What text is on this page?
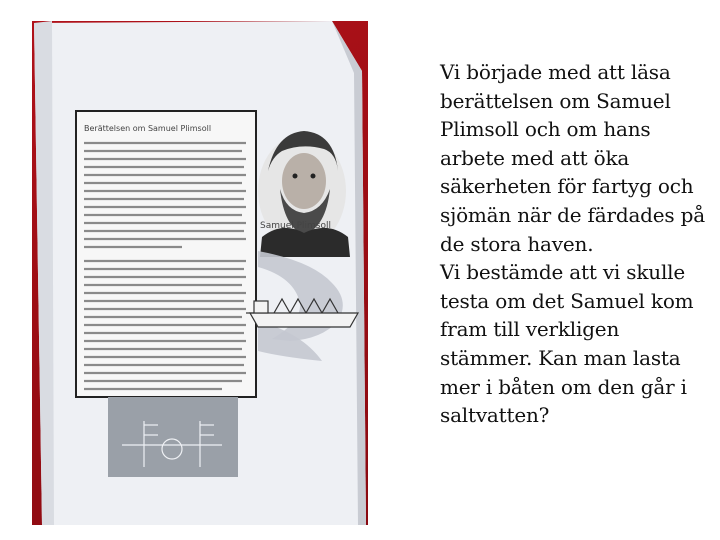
Berättelsen om Samuel Plimsoll
Samuel Plimsoll

Vi började med att läsa berättelsen om Samuel Plimsoll och om hans arbete med att öka säkerheten för fartyg och sjömän när de färdades på de stora haven.

Vi bestämde att vi skulle testa om det Samuel kom fram till verkligen stämmer. Kan man lasta mer i båten om den går i saltvatten?
